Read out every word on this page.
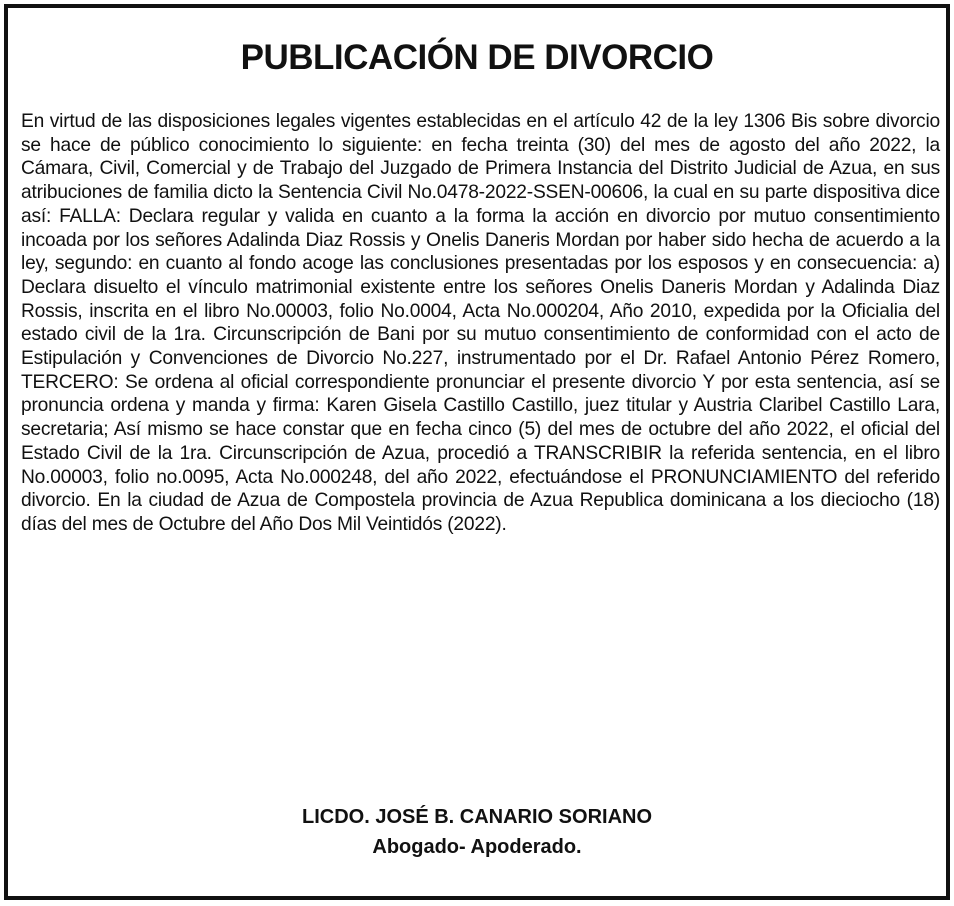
PUBLICACIÓN DE DIVORCIO
En virtud de las disposiciones legales vigentes establecidas en el artículo 42 de la ley 1306 Bis sobre divorcio se hace de público conocimiento lo siguiente: en fecha treinta (30) del mes de agosto del año 2022, la Cámara, Civil, Comercial y de Trabajo del Juzgado de Primera Instancia del Distrito Judicial de Azua, en sus atribuciones de familia dicto la Sentencia Civil No.0478-2022-SSEN-00606, la cual en su parte dispositiva dice así: FALLA: Declara regular y valida en cuanto a la forma la acción en divorcio por mutuo consentimiento incoada por los señores Adalinda Diaz Rossis y Onelis Daneris Mordan por haber sido hecha de acuerdo a la ley, segundo: en cuanto al fondo acoge las conclusiones presentadas por los esposos y en consecuencia: a) Declara disuelto el vínculo matrimonial existente entre los señores Onelis Daneris Mordan y Adalinda Diaz Rossis, inscrita en el libro No.00003, folio No.0004, Acta No.000204, Año 2010, expedida por la Oficialia del estado civil de la 1ra. Circunscripción de Bani por su mutuo consentimiento de conformidad con el acto de Estipulación y Convenciones de Divorcio No.227, instrumentado por el Dr. Rafael Antonio Pérez Romero, TERCERO: Se ordena al oficial correspondiente pronunciar el presente divorcio Y por esta sentencia, así se pronuncia ordena y manda y firma: Karen Gisela Castillo Castillo, juez titular y Austria Claribel Castillo Lara, secretaria; Así mismo se hace constar que en fecha cinco (5) del mes de octubre del año 2022, el oficial del Estado Civil de la 1ra. Circunscripción de Azua, procedió a TRANSCRIBIR la referida sentencia, en el libro No.00003, folio no.0095, Acta No.000248, del año 2022, efectuándose el PRONUNCIAMIENTO del referido divorcio. En la ciudad de Azua de Compostela provincia de Azua Republica dominicana a los dieciocho (18) días del mes de Octubre del Año Dos Mil Veintidós (2022).
LICDO. JOSÉ B. CANARIO SORIANO
Abogado- Apoderado.
